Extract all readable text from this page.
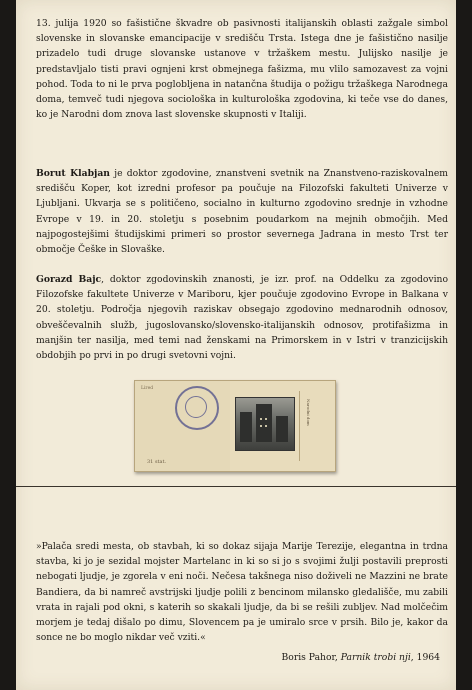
13. julija 1920 so fašistične škvadre ob pasivnosti italijanskih oblasti zažgale simbol slovenske in slovanske emancipacije v središču Trsta. Istega dne je fašistično nasilje prizadelo tudi druge slovanske ustanove v tržaškem mestu. Julijsko nasilje je predstavljalo tisti pravi ognjeni krst obmejnega fašizma, mu vlilo samozavest za vojni pohod. Toda to ni le prva poglobljena in natančna študija o požigu tržaškega Narodnega doma, temveč tudi njegova sociološka in kulturološka zgodovina, ki teče vse do danes, ko je Narodni dom znova last slovenske skupnosti v Italiji.

Borut Klabjan je doktor zgodovine, znanstveni svetnik na Znanstveno-raziskovalnem središču Koper, kot izredni profesor pa poučuje na Filozofski fakulteti Univerze v Ljubljani. Ukvarja se s političeno, socialno in kulturno zgodovino srednje in vzhodne Evrope v 19. in 20. stoletju s posebnim poudarkom na mejnih območjih. Med najpogostejšimi študijskimi primeri so prostor severnega Jadrana in mesto Trst ter območje Češke in Slovaške.

Gorazd Bajc, doktor zgodovinskih znanosti, je izr. prof. na Oddelku za zgodovino Filozofske fakultete Univerze v Mariboru, kjer poučuje zgodovino Evrope in Balkana v 20. stoletju. Področja njegovih raziskav obsegajo zgodovino mednarodnih odnosov, obveščevalnih služb, jugoslovansko/slovensko-italijanskih odnosov, protifašizma in manjšin ter nasilja, med temi nad ženskami na Primorskem in v Istri v tranzicijskih obdobjih po prvi in po drugi svetovni vojni.

Lired
31 stat.
Narodni dom

»Palača sredi mesta, ob stavbah, ki so dokaz sijaja Marije Terezije, elegantna in trdna stavba, ki jo je sezidal mojster Martelanc in ki so si jo s svojimi žulji postavili preprosti nebogati ljudje, je zgorela v eni noči. Nečesa takšnega niso doživeli ne Mazzini ne brate Bandiera, da bi namreč avstrijski ljudje polili z bencinom milansko gledališče, mu zabili vrata in rajali pod okni, s katerih so skakali ljudje, da bi se rešili zubljev. Nad molčečim morjem je tedaj dišalo po dimu, Slovencem pa je umiralo srce v prsih. Bilo je, kakor da sonce ne bo moglo nikdar več vziti.«

Boris Pahor, Parnik trobi nji, 1964
